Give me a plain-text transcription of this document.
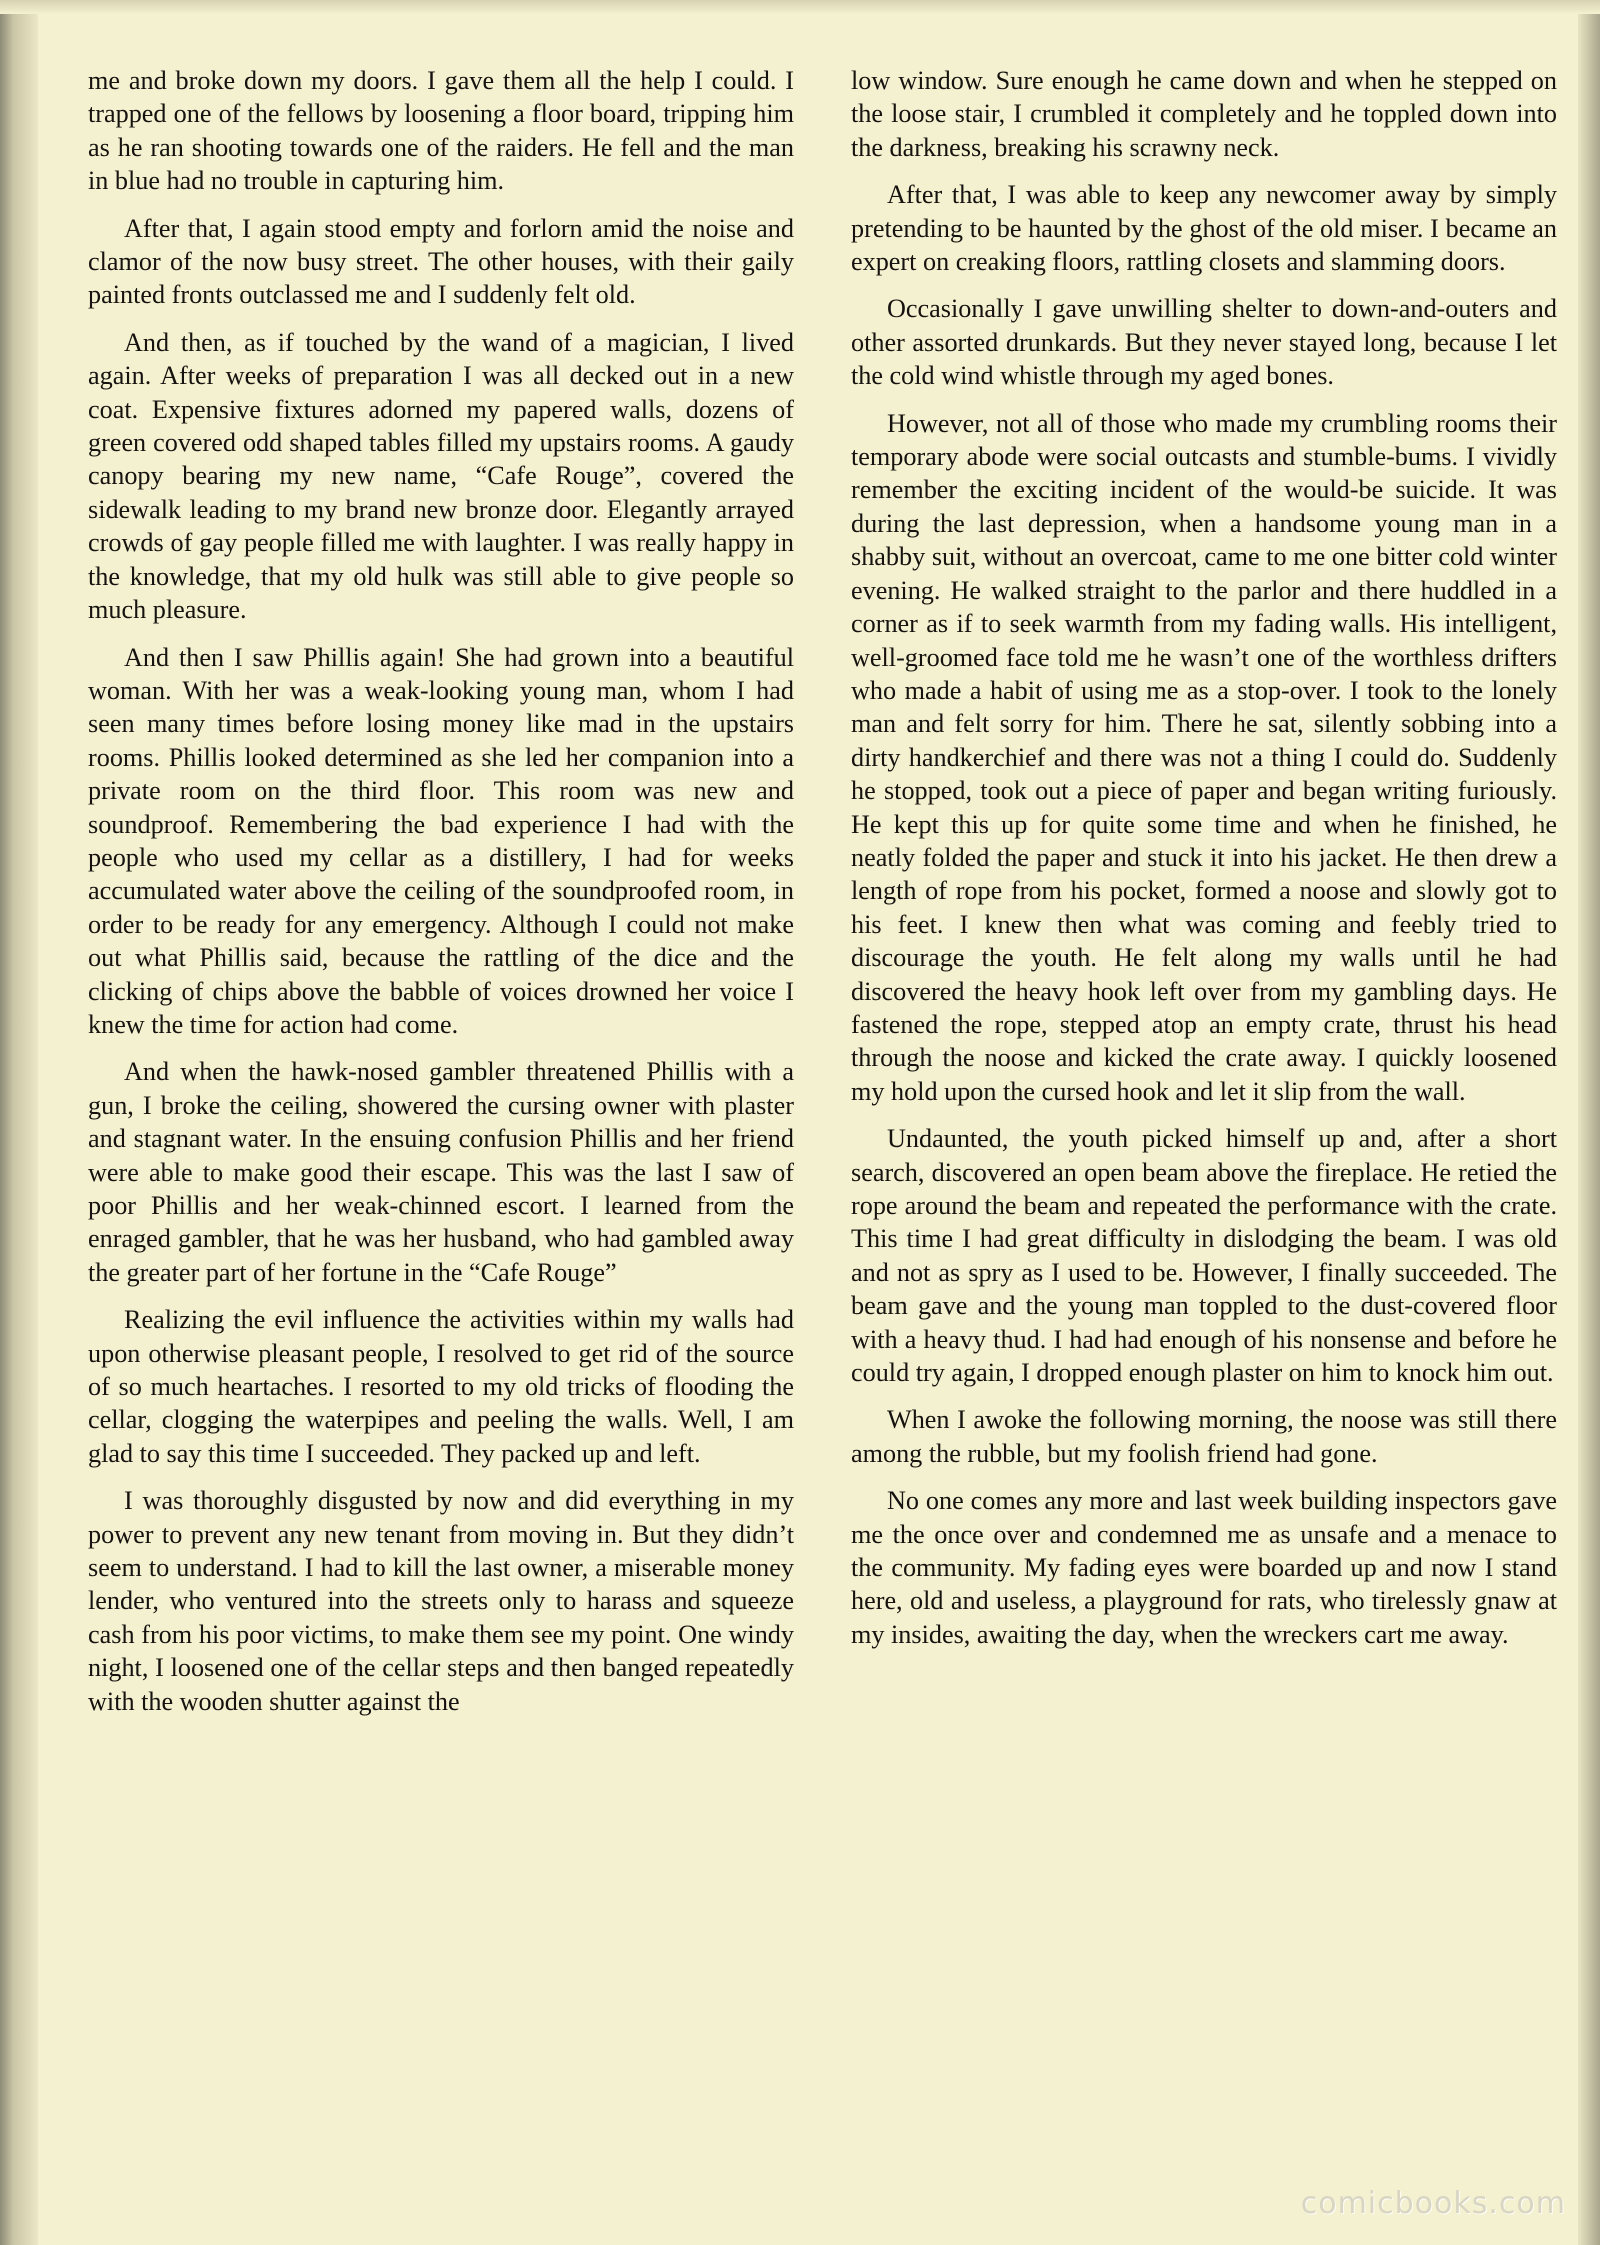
me and broke down my doors. I gave them all the help I could. I trapped one of the fellows by loosening a floor board, tripping him as he ran shooting towards one of the raiders. He fell and the man in blue had no trouble in capturing him.

After that, I again stood empty and forlorn amid the noise and clamor of the now busy street. The other houses, with their gaily painted fronts outclassed me and I suddenly felt old.

And then, as if touched by the wand of a magician, I lived again. After weeks of preparation I was all decked out in a new coat. Expensive fixtures adorned my papered walls, dozens of green covered odd shaped tables filled my upstairs rooms. A gaudy canopy bearing my new name, “Cafe Rouge”, covered the sidewalk leading to my brand new bronze door. Elegantly arrayed crowds of gay people filled me with laughter. I was really happy in the knowledge, that my old hulk was still able to give people so much pleasure.

And then I saw Phillis again! She had grown into a beautiful woman. With her was a weak-looking young man, whom I had seen many times before losing money like mad in the upstairs rooms. Phillis looked determined as she led her companion into a private room on the third floor. This room was new and soundproof. Remembering the bad experience I had with the people who used my cellar as a distillery, I had for weeks accumulated water above the ceiling of the soundproofed room, in order to be ready for any emergency. Although I could not make out what Phillis said, because the rattling of the dice and the clicking of chips above the babble of voices drowned her voice I knew the time for action had come.

And when the hawk-nosed gambler threatened Phillis with a gun, I broke the ceiling, showered the cursing owner with plaster and stagnant water. In the ensuing confusion Phillis and her friend were able to make good their escape. This was the last I saw of poor Phillis and her weak-chinned escort. I learned from the enraged gambler, that he was her husband, who had gambled away the greater part of her fortune in the “Cafe Rouge”

Realizing the evil influence the activities within my walls had upon otherwise pleasant people, I resolved to get rid of the source of so much heartaches. I resorted to my old tricks of flooding the cellar, clogging the waterpipes and peeling the walls. Well, I am glad to say this time I succeeded. They packed up and left.

I was thoroughly disgusted by now and did everything in my power to prevent any new tenant from moving in. But they didn’t seem to understand. I had to kill the last owner, a miserable money lender, who ventured into the streets only to harass and squeeze cash from his poor victims, to make them see my point. One windy night, I loosened one of the cellar steps and then banged repeatedly with the wooden shutter against the

low window. Sure enough he came down and when he stepped on the loose stair, I crumbled it completely and he toppled down into the darkness, breaking his scrawny neck.

After that, I was able to keep any newcomer away by simply pretending to be haunted by the ghost of the old miser. I became an expert on creaking floors, rattling closets and slamming doors.

Occasionally I gave unwilling shelter to down-and-outers and other assorted drunkards. But they never stayed long, because I let the cold wind whistle through my aged bones.

However, not all of those who made my crumbling rooms their temporary abode were social outcasts and stumble-bums. I vividly remember the exciting incident of the would-be suicide. It was during the last depression, when a handsome young man in a shabby suit, without an overcoat, came to me one bitter cold winter evening. He walked straight to the parlor and there huddled in a corner as if to seek warmth from my fading walls. His intelligent, well-groomed face told me he wasn’t one of the worthless drifters who made a habit of using me as a stop-over. I took to the lonely man and felt sorry for him. There he sat, silently sobbing into a dirty handkerchief and there was not a thing I could do. Suddenly he stopped, took out a piece of paper and began writing furiously. He kept this up for quite some time and when he finished, he neatly folded the paper and stuck it into his jacket. He then drew a length of rope from his pocket, formed a noose and slowly got to his feet. I knew then what was coming and feebly tried to discourage the youth. He felt along my walls until he had discovered the heavy hook left over from my gambling days. He fastened the rope, stepped atop an empty crate, thrust his head through the noose and kicked the crate away. I quickly loosened my hold upon the cursed hook and let it slip from the wall.

Undaunted, the youth picked himself up and, after a short search, discovered an open beam above the fireplace. He retied the rope around the beam and repeated the performance with the crate. This time I had great difficulty in dislodging the beam. I was old and not as spry as I used to be. However, I finally succeeded. The beam gave and the young man toppled to the dust-covered floor with a heavy thud. I had had enough of his nonsense and before he could try again, I dropped enough plaster on him to knock him out.

When I awoke the following morning, the noose was still there among the rubble, but my foolish friend had gone.

No one comes any more and last week building inspectors gave me the once over and condemned me as unsafe and a menace to the community. My fading eyes were boarded up and now I stand here, old and useless, a playground for rats, who tirelessly gnaw at my insides, awaiting the day, when the wreckers cart me away.

comicbooks.com
